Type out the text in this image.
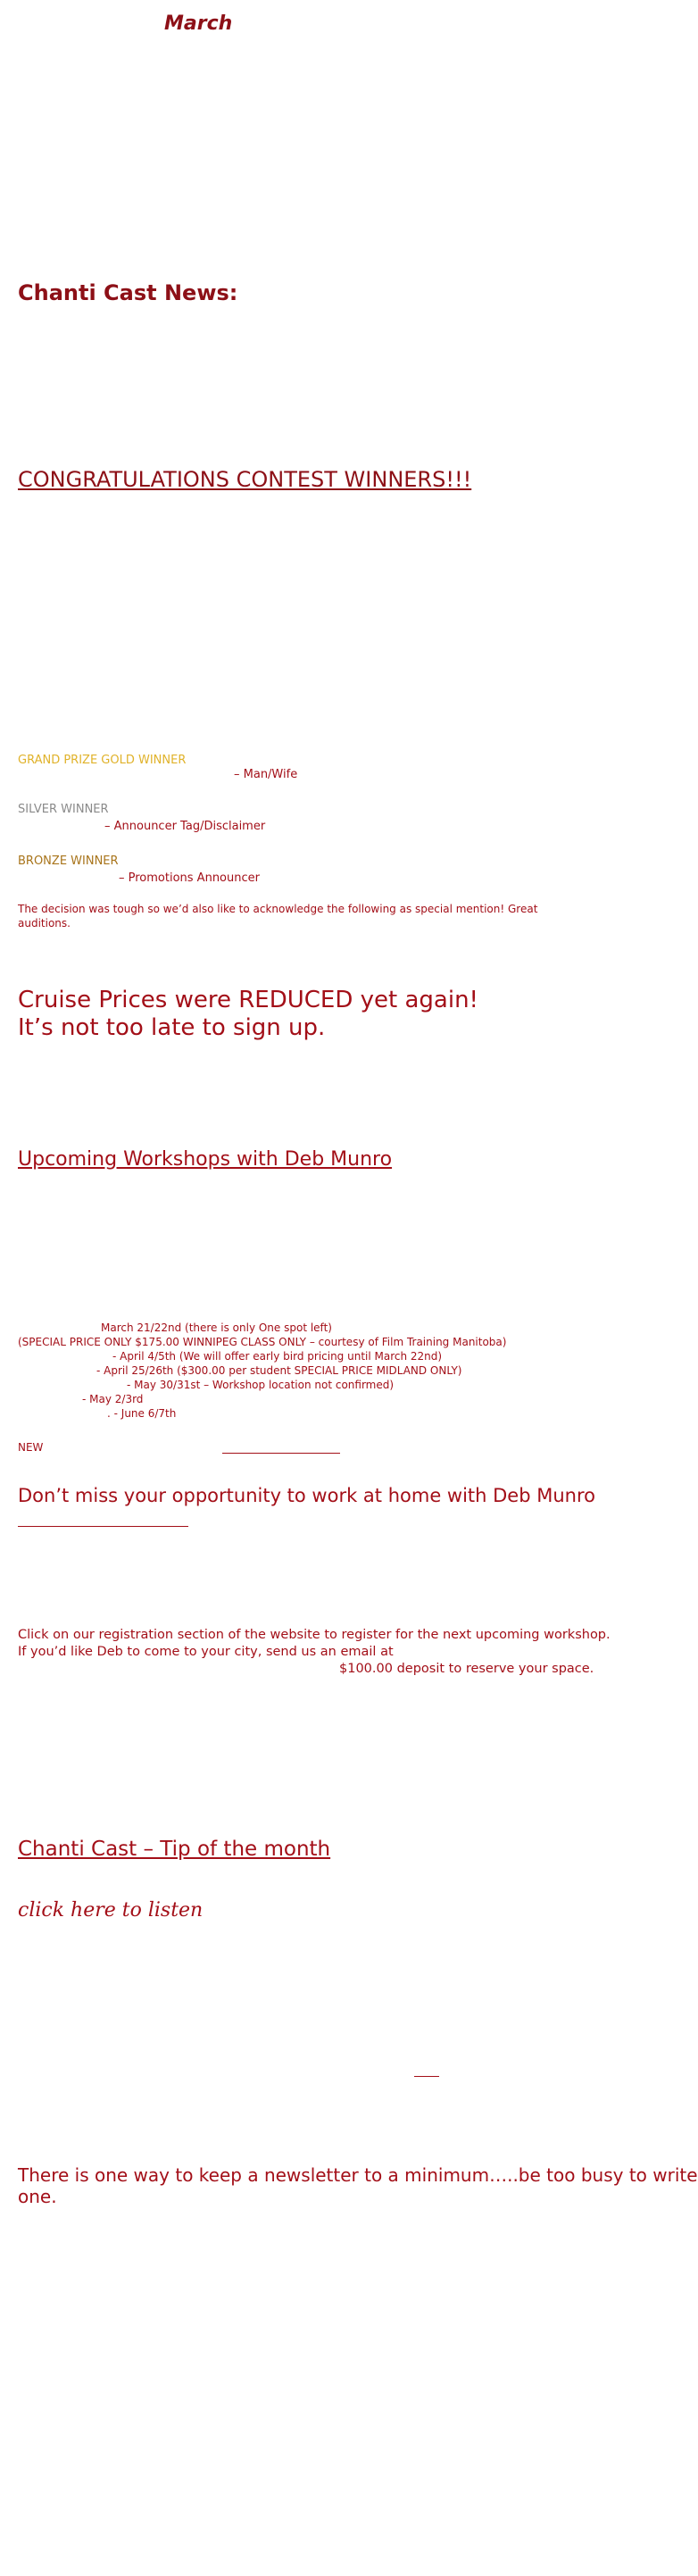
March
Chanti Cast News:
CONGRATULATIONS CONTEST WINNERS!!!
GRAND PRIZE GOLD WINNER
– Man/Wife
SILVER WINNER
– Announcer Tag/Disclaimer
BRONZE WINNER
– Promotions Announcer
The decision was tough so we’d also like to acknowledge the following as special mention! Great
auditions.
Cruise Prices were REDUCED yet again!
It’s not too late to sign up.
Upcoming Workshops with Deb Munro
March 21/22nd (there is only One spot left)
(SPECIAL PRICE ONLY $175.00 WINNIPEG CLASS ONLY – courtesy of Film Training Manitoba)
- April 4/5th (We will offer early bird pricing until March 22nd)
- April 25/26th ($300.00 per student SPECIAL PRICE MIDLAND ONLY)
- May 30/31st – Workshop location not confirmed)
- May 2/3rd
. - June 6/7th
NEW
Don’t miss your opportunity to work at home with Deb Munro
Click on our registration section of the website to register for the next upcoming workshop.
If you’d like Deb to come to your city, send us an email at
$100.00 deposit to reserve your space.
Chanti Cast – Tip of the month
click here to listen
There is one way to keep a newsletter to a minimum…..be too busy to write
one.
